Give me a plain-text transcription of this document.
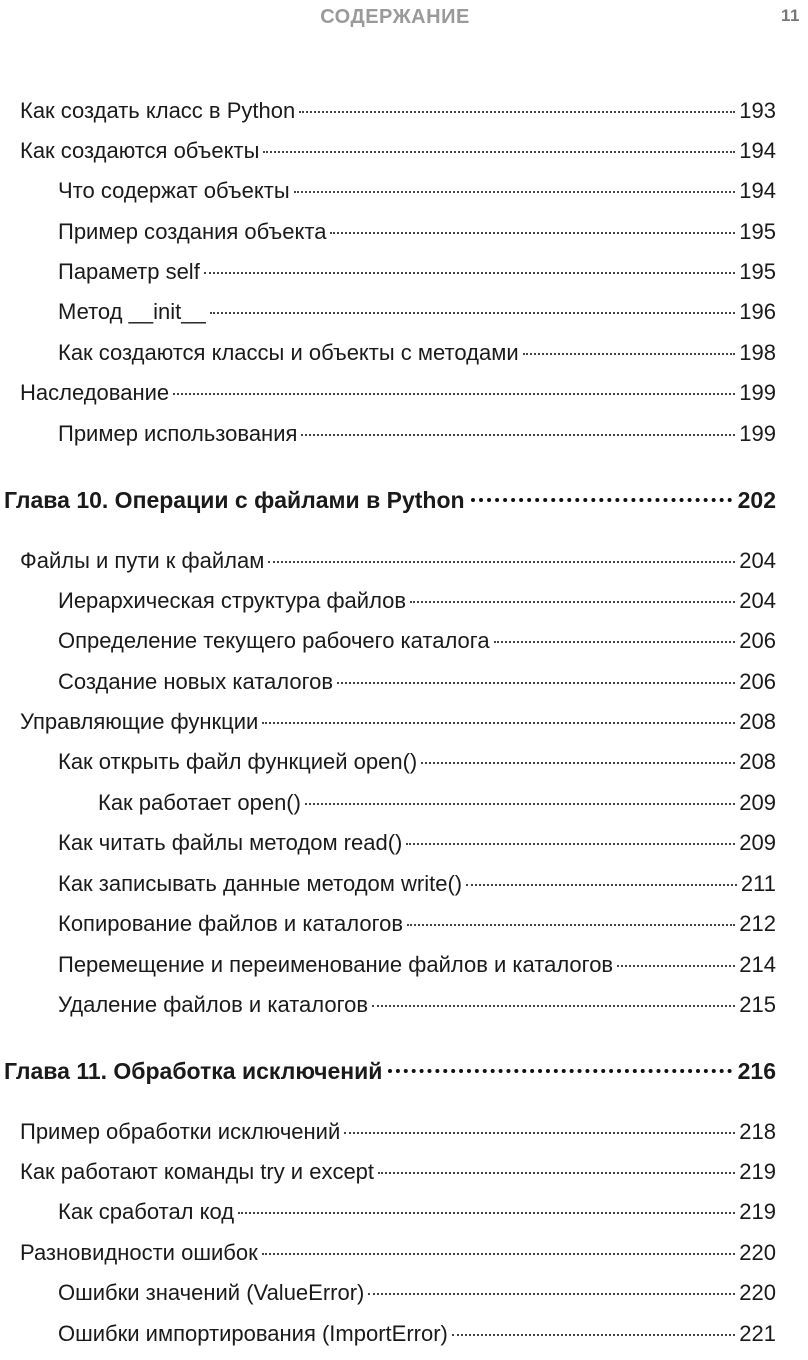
СОДЕРЖАНИЕ	11
Как создать класс в Python	193
Как создаются объекты	194
Что содержат объекты	194
Пример создания объекта	195
Параметр self	195
Метод __init__	196
Как создаются классы и объекты с методами	198
Наследование	199
Пример использования	199
Глава 10. Операции с файлами в Python	202
Файлы и пути к файлам	204
Иерархическая структура файлов	204
Определение текущего рабочего каталога	206
Создание новых каталогов	206
Управляющие функции	208
Как открыть файл функцией open()	208
Как работает open()	209
Как читать файлы методом read()	209
Как записывать данные методом write()	211
Копирование файлов и каталогов	212
Перемещение и переименование файлов и каталогов	214
Удаление файлов и каталогов	215
Глава 11. Обработка исключений	216
Пример обработки исключений	218
Как работают команды try и except	219
Как сработал код	219
Разновидности ошибок	220
Ошибки значений (ValueError)	220
Ошибки импортирования (ImportError)	221
